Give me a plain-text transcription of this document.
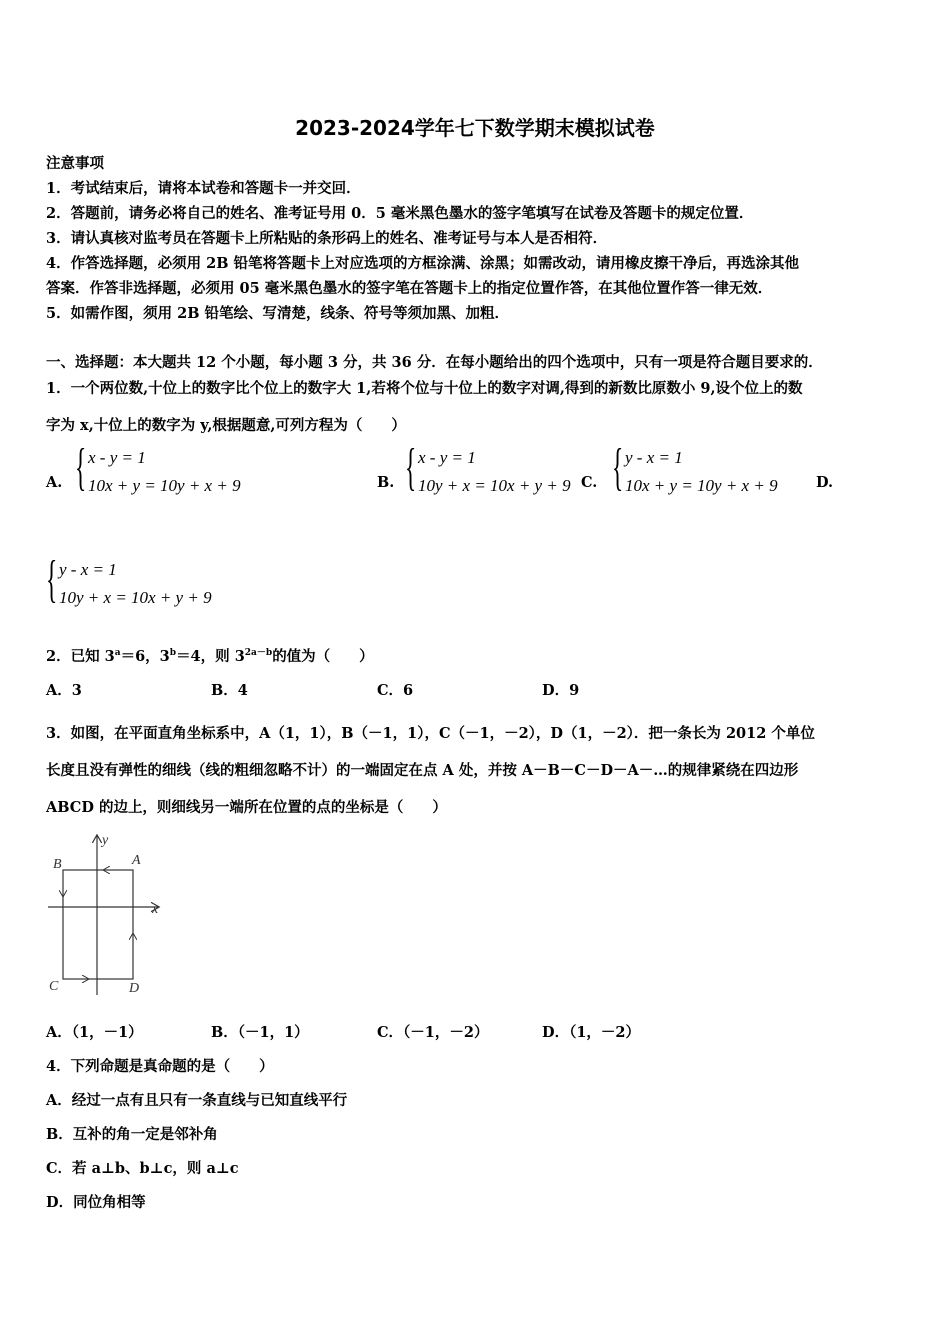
2023-2024学年七下数学期末模拟试卷
注意事项
1．考试结束后，请将本试卷和答题卡一并交回．
2．答题前，请务必将自己的姓名、准考证号用 0．5 毫米黑色墨水的签字笔填写在试卷及答题卡的规定位置．
3．请认真核对监考员在答题卡上所粘贴的条形码上的姓名、准考证号与本人是否相符．
4．作答选择题，必须用 2B 铅笔将答题卡上对应选项的方框涂满、涂黑；如需改动，请用橡皮擦干净后，再选涂其他
答案．作答非选择题，必须用 05 毫米黑色墨水的签字笔在答题卡上的指定位置作答，在其他位置作答一律无效．
5．如需作图，须用 2B 铅笔绘、写清楚，线条、符号等须加黑、加粗．
一、选择题：本大题共 12 个小题，每小题 3 分，共 36 分．在每小题给出的四个选项中，只有一项是符合题目要求的．
1．一个两位数,十位上的数字比个位上的数字大 1,若将个位与十位上的数字对调,得到的新数比原数小 9,设个位上的数
字为 x,十位上的数字为 y,根据题意,可列方程为（　　）
A. { x - y = 1
10x + y = 10y + x + 9	B. { x - y = 1
10y + x = 10x + y + 9 C. { y - x = 1
10x + y = 10y + x + 9	D.
{ y - x = 1
10y + x = 10x + y + 9
2．已知 $3^a=6$，$3^b=4$，则 $3^{2a-b}$的值为（　　）
A．3	B．4	C．6	D．9
3．如图，在平面直角坐标系中，A（1，1），B（－1，1），C（－1，－2），D（1，－2）．把一条长为 2012 个单位
长度且没有弹性的细线（线的粗细忽略不计）的一端固定在点 A 处，并按 A－B－C－D－A－…的规律紧绕在四边形
ABCD 的边上，则细线另一端所在位置的点的坐标是（　　）
A
B
C	D
x
y
A．（1，－1）	B．（－1，1）	C．（－1，－2）	D．（1，－2）
4．下列命题是真命题的是（　　）
A．经过一点有且只有一条直线与已知直线平行
B．互补的角一定是邻补角
C．若 a⊥b、b⊥c，则 a⊥c
D．同位角相等
